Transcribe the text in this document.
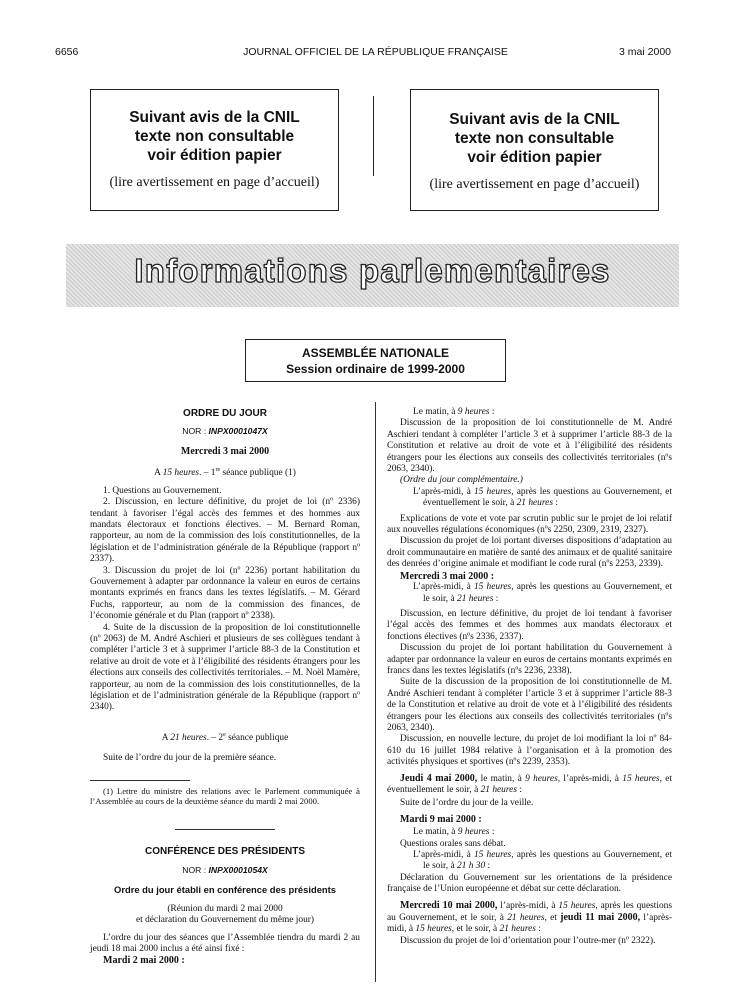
6656	JOURNAL OFFICIEL DE LA RÉPUBLIQUE FRANÇAISE	3 mai 2000
Suivant avis de la CNIL
texte non consultable
voir édition papier
(lire avertissement en page d’accueil)
Suivant avis de la CNIL
texte non consultable
voir édition papier
(lire avertissement en page d’accueil)
Informations parlementaires
ASSEMBLÉE NATIONALE
Session ordinaire de 1999-2000

ORDRE DU JOUR

NOR : INPX0001047X

Mercredi 3 mai 2000

A 15 heures. – 1re séance publique (1)

1. Questions au Gouvernement.

2. Discussion, en lecture définitive, du projet de loi (nº 2336) tendant à favoriser l’égal accès des femmes et des hommes aux mandats électoraux et fonctions électives. – M. Bernard Roman, rapporteur, au nom de la commission des lois constitutionnelles, de la législation et de l’administration générale de la République (rapport nº 2337).

3. Discussion du projet de loi (nº 2236) portant habilitation du Gouvernement à adapter par ordonnance la valeur en euros de certains montants exprimés en francs dans les textes législatifs. – M. Gérard Fuchs, rapporteur, au nom de la commission des finances, de l’économie générale et du Plan (rapport nº 2338).

4. Suite de la discussion de la proposition de loi constitutionnelle (nº 2063) de M. André Aschieri et plusieurs de ses collègues tendant à compléter l’article 3 et à supprimer l’article 88-3 de la Constitution et relative au droit de vote et à l’éligibilité des résidents étrangers pour les élections aux conseils des collectivités territoriales. – M. Noël Mamère, rapporteur, au nom de la commission des lois constitutionnelles, de la législation et de l’administration générale de la République (rapport nº 2340).

A 21 heures. – 2e séance publique

Suite de l’ordre du jour de la première séance.

(1) Lettre du ministre des relations avec le Parlement communiquée à l’Assemblée au cours de la deuxième séance du mardi 2 mai 2000.

CONFÉRENCE DES PRÉSIDENTS

NOR : INPX0001054X

Ordre du jour établi en conférence des présidents

(Réunion du mardi 2 mai 2000

et déclaration du Gouvernement du même jour)

L’ordre du jour des séances que l’Assemblée tiendra du mardi 2 au jeudi 18 mai 2000 inclus a été ainsi fixé :

Mardi 2 mai 2000 :

Le matin, à 9 heures :

Discussion de la proposition de loi constitutionnelle de M. André Aschieri tendant à compléter l’article 3 et à supprimer l’article 88-3 de la Constitution et relative au droit de vote et à l’éligibilité des résidents étrangers pour les élections aux conseils des collectivités territoriales (nºs 2063, 2340).

(Ordre du jour complémentaire.)

L’après-midi, à 15 heures, après les questions au Gouvernement, et éventuellement le soir, à 21 heures :

Explications de vote et vote par scrutin public sur le projet de loi relatif aux nouvelles régulations économiques (nºs 2250, 2309, 2319, 2327).

Discussion du projet de loi portant diverses dispositions d’adaptation au droit communautaire en matière de santé des animaux et de qualité sanitaire des denrées d’origine animale et modifiant le code rural (nºs 2253, 2339).

Mercredi 3 mai 2000 :

L’après-midi, à 15 heures, après les questions au Gouvernement, et le soir, à 21 heures :

Discussion, en lecture définitive, du projet de loi tendant à favoriser l’égal accès des femmes et des hommes aux mandats électoraux et fonctions électives (nºs 2336, 2337).

Discussion du projet de loi portant habilitation du Gouvernement à adapter par ordonnance la valeur en euros de certains montants exprimés en francs dans les textes législatifs (nºs 2236, 2338).

Suite de la discussion de la proposition de loi constitutionnelle de M. André Aschieri tendant à compléter l’article 3 et à supprimer l’article 88-3 de la Constitution et relative au droit de vote et à l’éligibilité des résidents étrangers pour les élections aux conseils des collectivités territoriales (nºs 2063, 2340).

Discussion, en nouvelle lecture, du projet de loi modifiant la loi nº 84-610 du 16 juillet 1984 relative à l’organisation et à la promotion des activités physiques et sportives (nºs 2239, 2353).

Jeudi 4 mai 2000, le matin, à 9 heures, l’après-midi, à 15 heures, et éventuellement le soir, à 21 heures :

Suite de l’ordre du jour de la veille.

Mardi 9 mai 2000 :

Le matin, à 9 heures :

Questions orales sans débat.

L’après-midi, à 15 heures, après les questions au Gouvernement, et le soir, à 21 h 30 :

Déclaration du Gouvernement sur les orientations de la présidence française de l’Union européenne et débat sur cette déclaration.

Mercredi 10 mai 2000, l’après-midi, à 15 heures, après les questions au Gouvernement, et le soir, à 21 heures, et jeudi 11 mai 2000, l’après-midi, à 15 heures, et le soir, à 21 heures :

Discussion du projet de loi d’orientation pour l’outre-mer (nº 2322).
